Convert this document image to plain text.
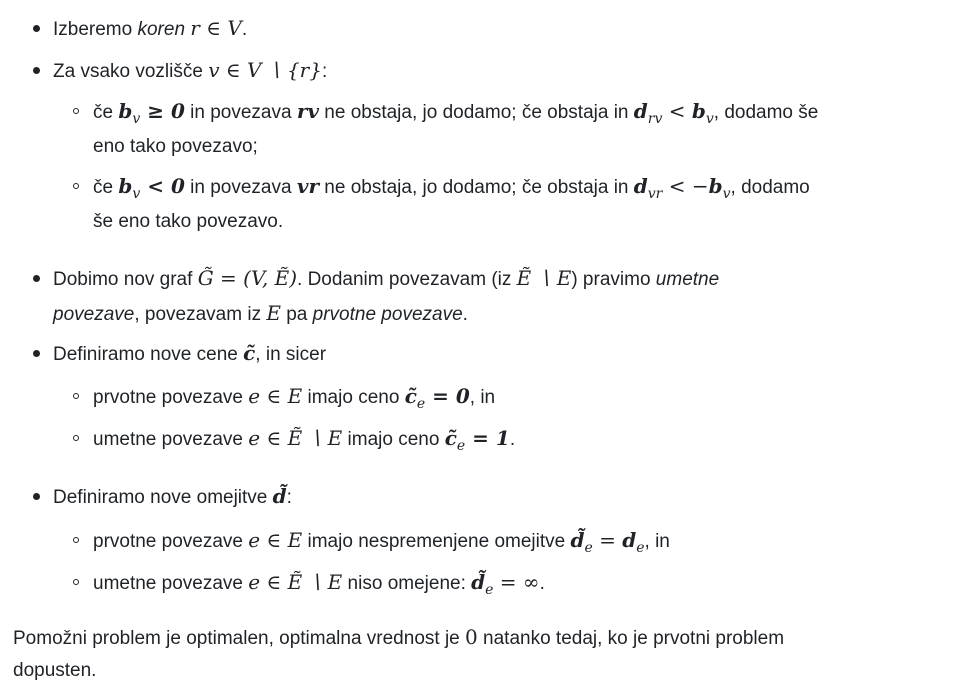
Izberemo koren r ∈ V.
Za vsako vozlišče v ∈ V ∖ {r}:
če $b_v \ge 0$ in povezava rv ne obstaja, jo dodamo; če obstaja in $d_{rv} < b_v$, dodamo še
eno tako povezavo;
če $b_v < 0$ in povezava vr ne obstaja, jo dodamo; če obstaja in $d_{vr} < -b_v$, dodamo
še eno tako povezavo.
Dobimo nov graf G̃ = (V, Ẽ). Dodanim povezavam (iz Ẽ ∖ E) pravimo umetne
povezave, povezavam iz E pa prvotne povezave.
Definiramo nove cene c̃, in sicer
prvotne povezave e ∈ E imajo ceno $c̃_e = 0$, in
umetne povezave e ∈ Ẽ ∖ E imajo ceno $c̃_e = 1$.
Definiramo nove omejitve d̃:
prvotne povezave e ∈ E imajo nespremenjene omejitve $d̃_e = d_e$, in
umetne povezave e ∈ Ẽ ∖ E niso omejene: $d̃_e$ = ∞.
Pomožni problem je optimalen, optimalna vrednost je 0 natanko tedaj, ko je prvotni problem
dopusten.
